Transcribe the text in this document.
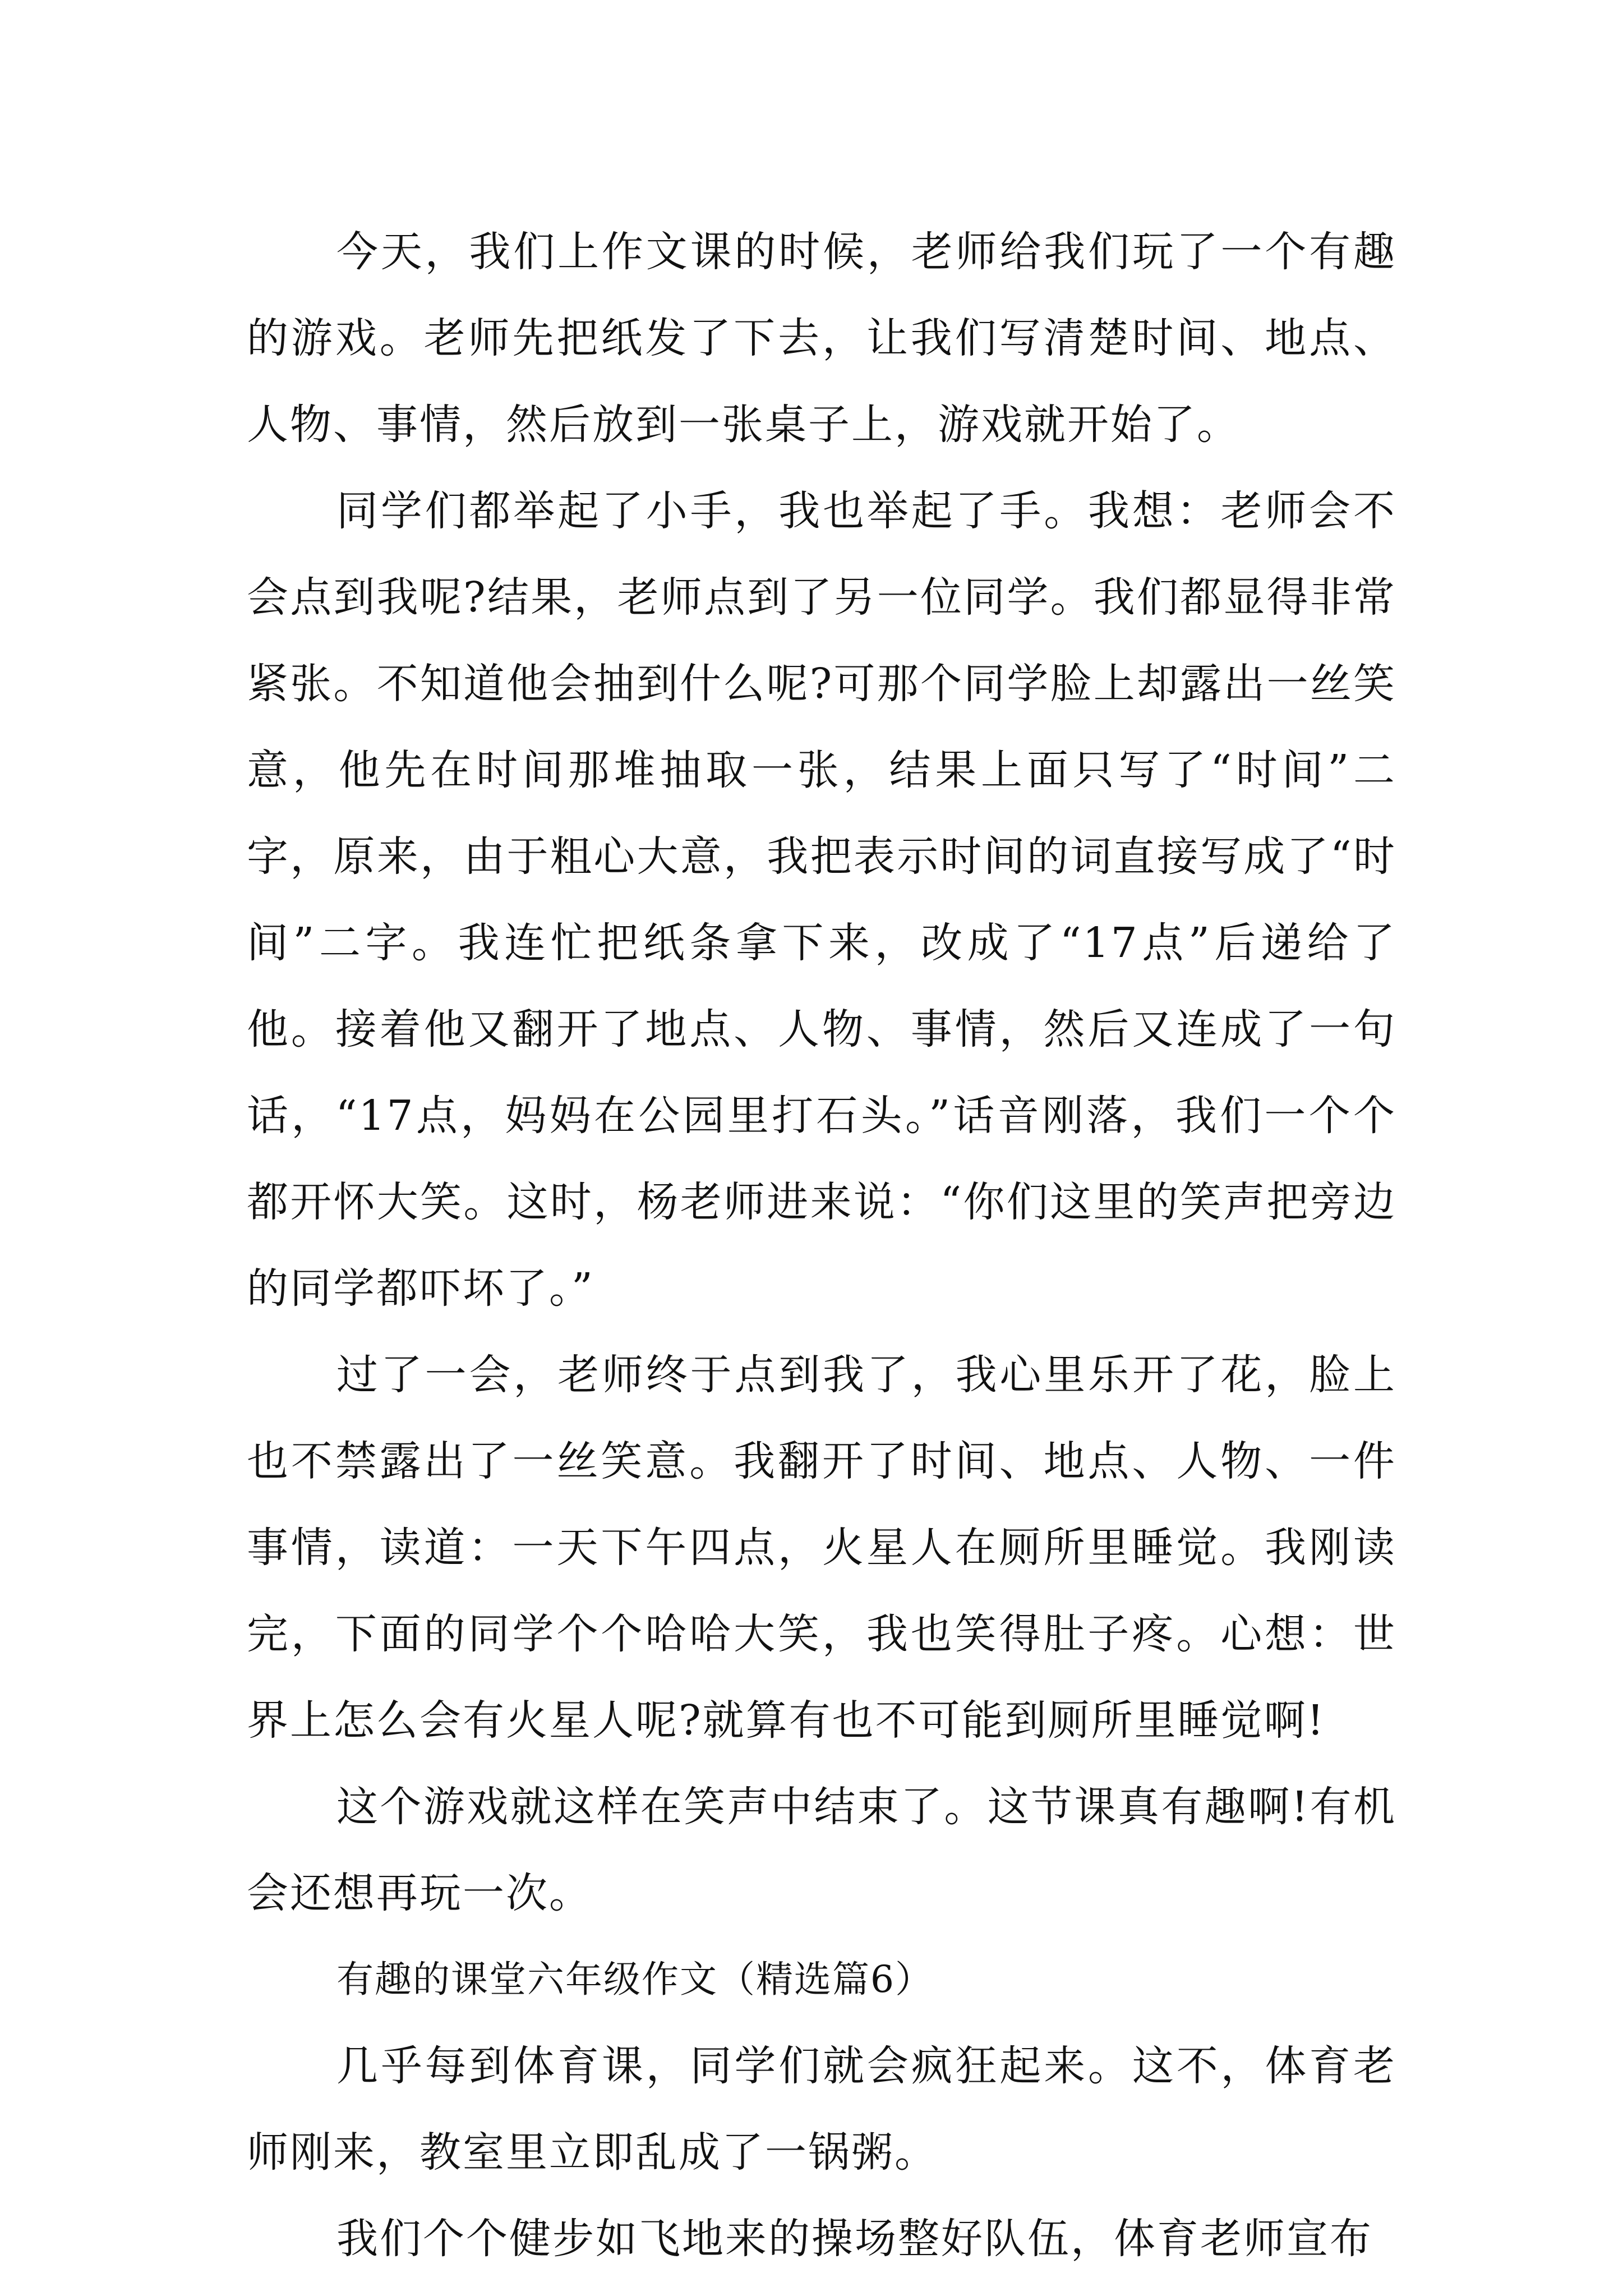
今天，我们上作文课的时候，老师给我们玩了一个有趣的游戏。老师先把纸发了下去，让我们写清楚时间、地点、人物、事情，然后放到一张桌子上，游戏就开始了。

同学们都举起了小手，我也举起了手。我想：老师会不会点到我呢?结果，老师点到了另一位同学。我们都显得非常紧张。不知道他会抽到什么呢?可那个同学脸上却露出一丝笑意，他先在时间那堆抽取一张，结果上面只写了“时间”二字，原来，由于粗心大意，我把表示时间的词直接写成了“时间”二字。我连忙把纸条拿下来，改成了“17点”后递给了他。接着他又翻开了地点、人物、事情，然后又连成了一句话，“17点，妈妈在公园里打石头。”话音刚落，我们一个个都开怀大笑。这时，杨老师进来说：“你们这里的笑声把旁边的同学都吓坏了。”

过了一会，老师终于点到我了，我心里乐开了花，脸上也不禁露出了一丝笑意。我翻开了时间、地点、人物、一件事情，读道：一天下午四点，火星人在厕所里睡觉。我刚读完，下面的同学个个哈哈大笑，我也笑得肚子疼。心想：世界上怎么会有火星人呢?就算有也不可能到厕所里睡觉啊!

这个游戏就这样在笑声中结束了。这节课真有趣啊!有机会还想再玩一次。

有趣的课堂六年级作文（精选篇6）

几乎每到体育课，同学们就会疯狂起来。这不，体育老师刚来，教室里立即乱成了一锅粥。

我们个个健步如飞地来的操场整好队伍，体育老师宣布
